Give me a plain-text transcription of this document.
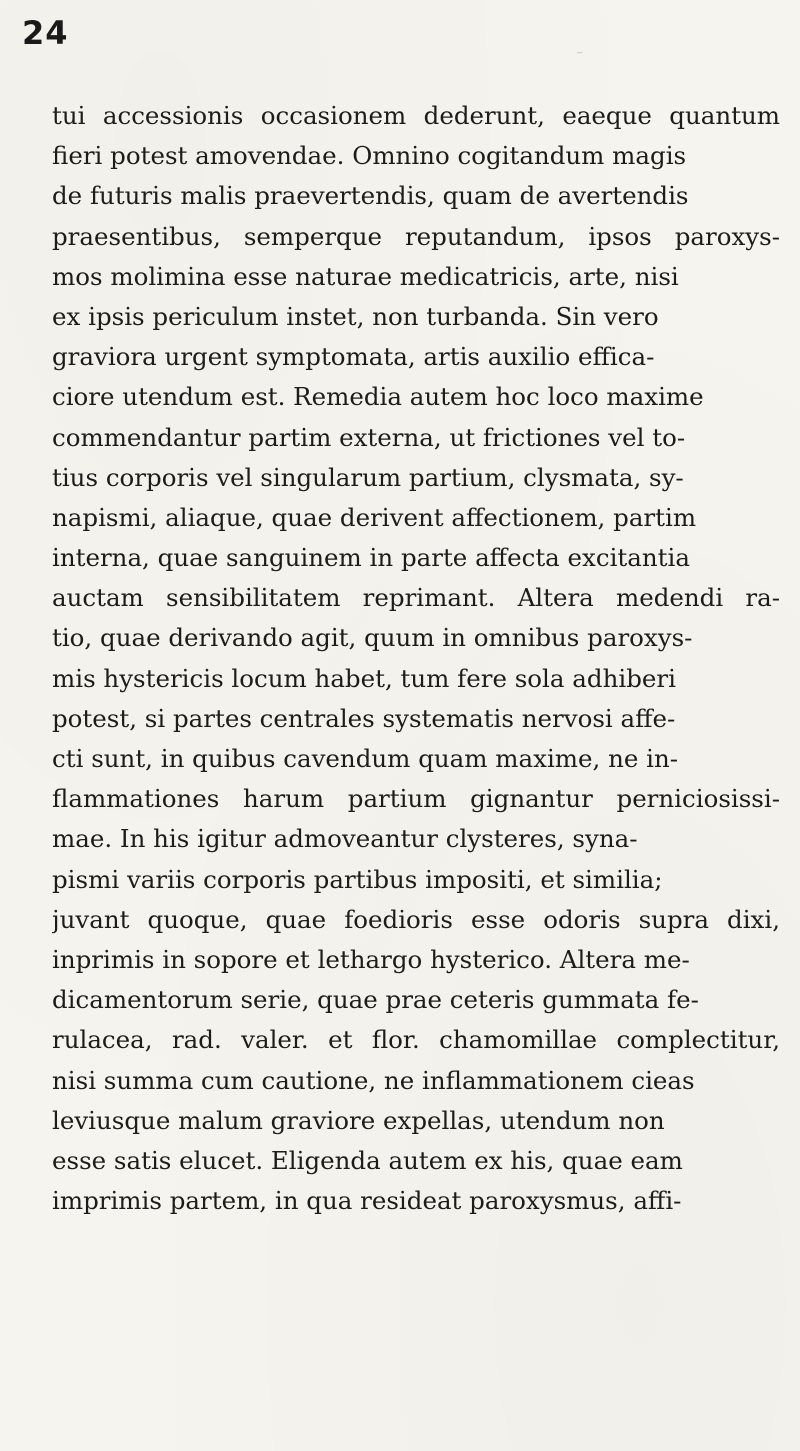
24
⁻
tui accessionis occasionem dederunt, eaeque quantum
fieri potest amovendae. Omnino cogitandum magis
de futuris malis praevertendis, quam de avertendis
praesentibus, semperque reputandum, ipsos paroxys-
mos molimina esse naturae medicatricis, arte, nisi
ex ipsis periculum instet, non turbanda. Sin vero
graviora urgent symptomata, artis auxilio effica-
ciore utendum est. Remedia autem hoc loco maxime
commendantur partim externa, ut frictiones vel to-
tius corporis vel singularum partium, clysmata, sy-
napismi, aliaque, quae derivent affectionem, partim
interna, quae sanguinem in parte affecta excitantia
auctam sensibilitatem reprimant. Altera medendi ra-
tio, quae derivando agit, quum in omnibus paroxys-
mis hystericis locum habet, tum fere sola adhiberi
potest, si partes centrales systematis nervosi affe-
cti sunt, in quibus cavendum quam maxime, ne in-
flammationes harum partium gignantur perniciosissi-
mae. In his igitur admoveantur clysteres, syna-
pismi variis corporis partibus impositi, et similia;
juvant quoque, quae foedioris esse odoris supra dixi,
inprimis in sopore et lethargo hysterico. Altera me-
dicamentorum serie, quae prae ceteris gummata fe-
rulacea, rad. valer. et flor. chamomillae complectitur,
nisi summa cum cautione, ne inflammationem cieas
leviusque malum graviore expellas, utendum non
esse satis elucet. Eligenda autem ex his, quae eam
imprimis partem, in qua resideat paroxysmus, affi-
